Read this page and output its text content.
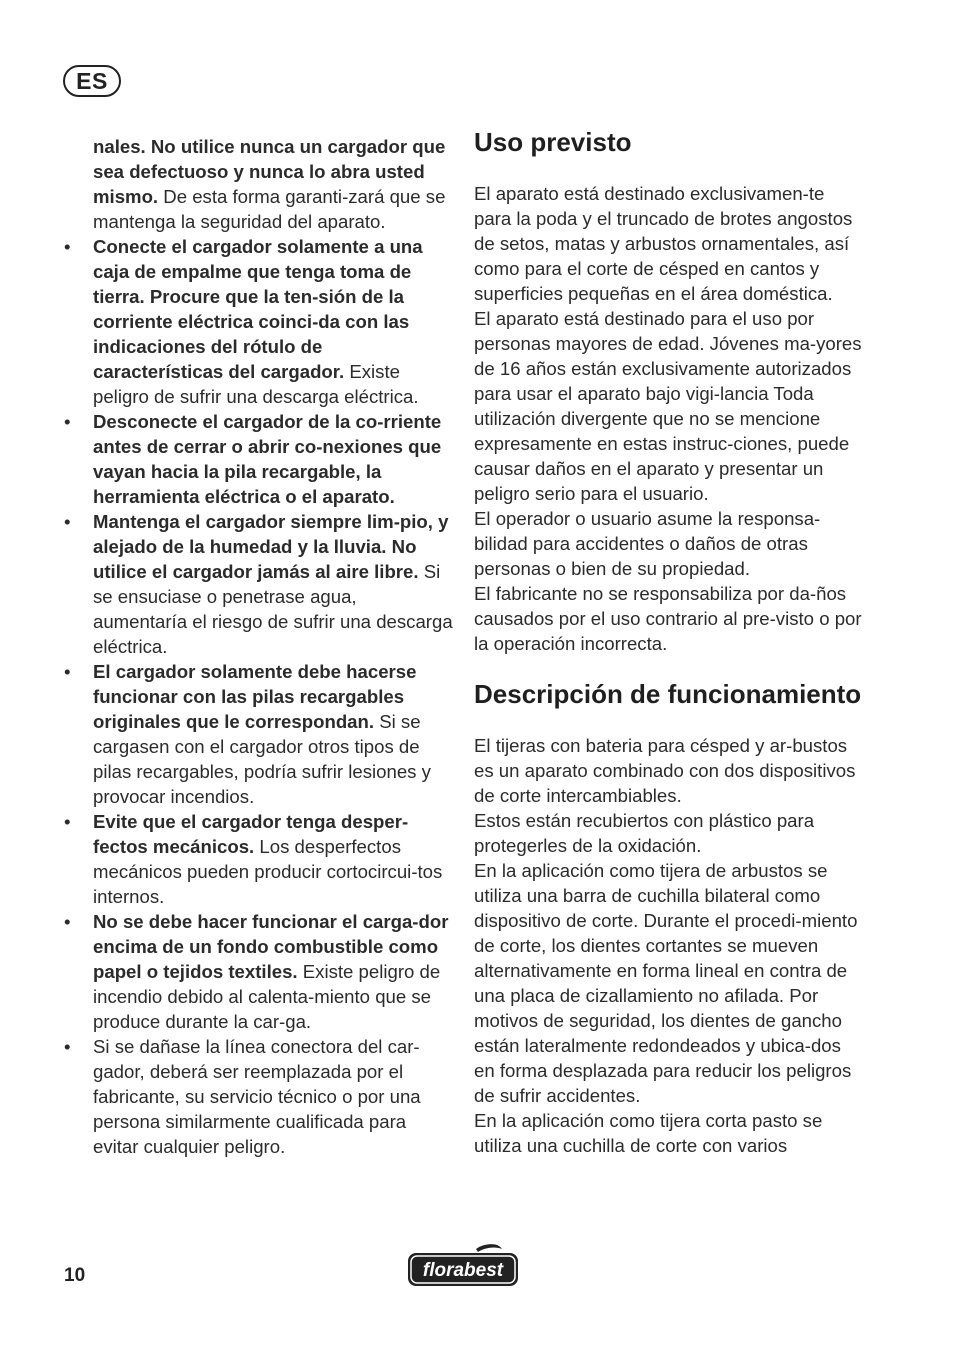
ES

nales. No utilice nunca un cargador que sea defectuoso y nunca lo abra usted mismo. De esta forma garanti-zará que se mantenga la seguridad del aparato.

• Conecte el cargador solamente a una caja de empalme que tenga toma de tierra. Procure que la ten-sión de la corriente eléctrica coinci-da con las indicaciones del rótulo de características del cargador. Existe peligro de sufrir una descarga eléctrica.
• Desconecte el cargador de la co-rriente antes de cerrar o abrir co-nexiones que vayan hacia la pila recargable, la herramienta eléctrica o el aparato.
• Mantenga el cargador siempre lim-pio, y alejado de la humedad y la lluvia. No utilice el cargador jamás al aire libre. Si se ensuciase o penetrase agua, aumentaría el riesgo de sufrir una descarga eléctrica.
• El cargador solamente debe hacerse funcionar con las pilas recargables originales que le correspondan. Si se cargasen con el cargador otros tipos de pilas recargables, podría sufrir lesiones y provocar incendios.
• Evite que el cargador tenga desper-fectos mecánicos. Los desperfectos mecánicos pueden producir cortocircui-tos internos.
• No se debe hacer funcionar el carga-dor encima de un fondo combustible como papel o tejidos textiles. Existe peligro de incendio debido al calenta-miento que se produce durante la car-ga.
• Si se dañase la línea conectora del car-gador, deberá ser reemplazada por el fabricante, su servicio técnico o por una persona similarmente cualificada para evitar cualquier peligro.
Uso previsto

El aparato está destinado exclusivamen-te para la poda y el truncado de brotes angostos de setos, matas y arbustos ornamentales, así como para el corte de césped en cantos y superficies pequeñas en el área doméstica.

El aparato está destinado para el uso por personas mayores de edad. Jóvenes ma-yores de 16 años están exclusivamente autorizados para usar el aparato bajo vigi-lancia Toda utilización divergente que no se mencione expresamente en estas instruc-ciones, puede causar daños en el aparato y presentar un peligro serio para el usuario.

El operador o usuario asume la responsa-bilidad para accidentes o daños de otras personas o bien de su propiedad.

El fabricante no se responsabiliza por da-ños causados por el uso contrario al pre-visto o por la operación incorrecta.

Descripción de funcionamiento

El tijeras con bateria para césped y ar-bustos es un aparato combinado con dos dispositivos de corte intercambiables.

Estos están recubiertos con plástico para protegerles de la oxidación.

En la aplicación como tijera de arbustos se utiliza una barra de cuchilla bilateral como dispositivo de corte. Durante el procedi-miento de corte, los dientes cortantes se mueven alternativamente en forma lineal en contra de una placa de cizallamiento no afilada. Por motivos de seguridad, los dientes de gancho

están lateralmente redondeados y ubica-dos en forma desplazada para reducir los peligros de sufrir accidentes.

En la aplicación como tijera corta pasto se utiliza una cuchilla de corte con varios

10	florabest
